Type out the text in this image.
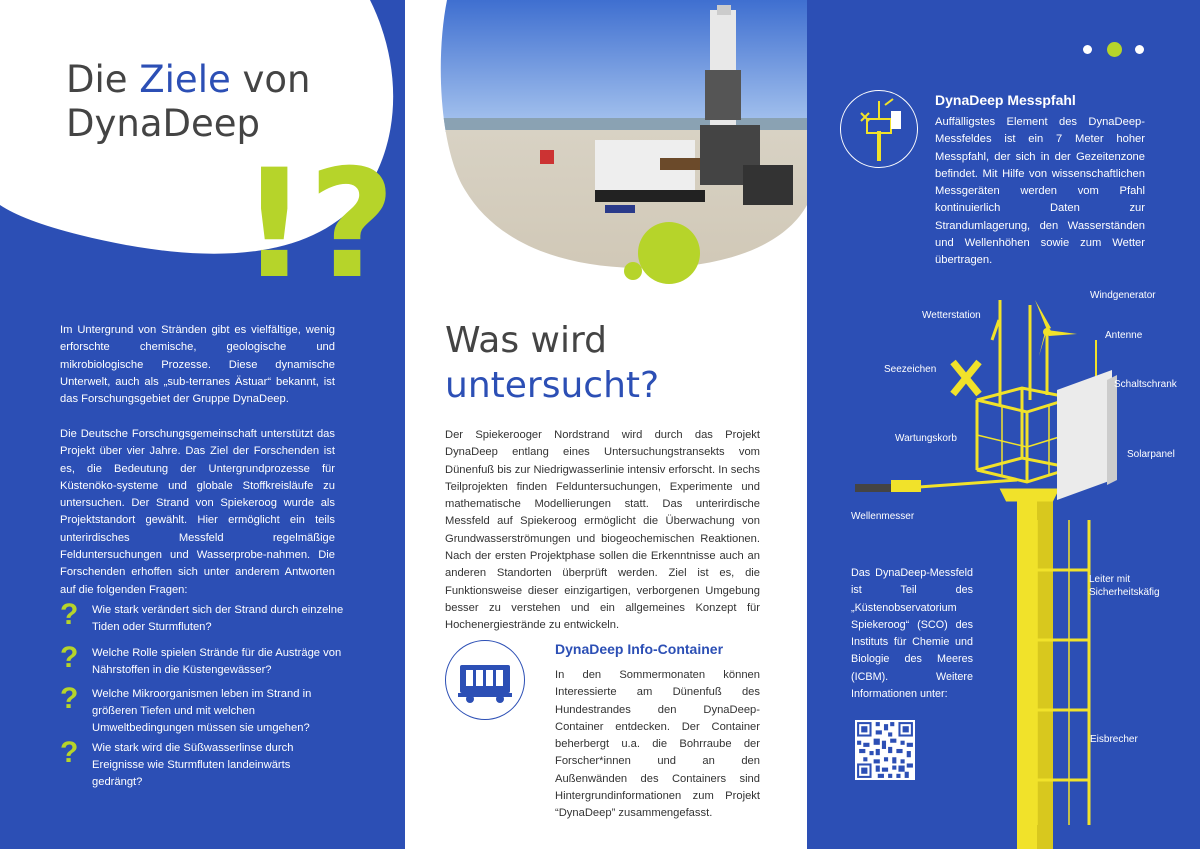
Die Ziele von
DynaDeep
!?
Im Untergrund von Stränden gibt es vielfältige, wenig erforschte chemische, geologische und mikrobiologische Prozesse. Diese dynamische Unterwelt, auch als „sub-terranes Ästuar“ bekannt, ist das Forschungsgebiet der Gruppe DynaDeep.
Die Deutsche Forschungsgemeinschaft unterstützt das Projekt über vier Jahre. Das Ziel der Forschenden ist es, die Bedeutung der Untergrundprozesse für Küstenöko-systeme und globale Stoffkreisläufe zu untersuchen. Der Strand von Spiekeroog wurde als Projektstandort gewählt. Hier ermöglicht ein teils unterirdisches Messfeld regelmäßige Felduntersuchungen und Wasserprobe-nahmen. Die Forschenden erhoffen sich unter anderem Antworten auf die folgenden Fragen:
? Wie stark verändert sich der Strand durch einzelne Tiden oder Sturmfluten?
? Welche Rolle spielen Strände für die Austräge von Nährstoffen in die Küstengewässer?
? Welche Mikroorganismen leben im Strand in größeren Tiefen und mit welchen Umweltbedingungen müssen sie umgehen?
? Wie stark wird die Süßwasserlinse durch Ereignisse wie Sturmfluten landeinwärts gedrängt?
Was wird
untersucht?
Der Spiekerooger Nordstrand wird durch das Projekt DynaDeep entlang eines Untersuchungstransekts vom Dünenfuß bis zur Niedrigwasserlinie intensiv erforscht. In sechs Teilprojekten finden Felduntersuchungen, Experimente und mathematische Modellierungen statt. Das unterirdische Messfeld auf Spiekeroog ermöglicht die Überwachung von Grundwasserströmungen und biogeochemischen Reaktionen. Nach der ersten Projektphase sollen die Erkenntnisse auch an anderen Standorten überprüft werden. Ziel ist es, die Funktionsweise dieser einzigartigen, verborgenen Umgebung besser zu verstehen und ein allgemeines Konzept für Hochenergiestrände zu entwickeln.
DynaDeep Info-Container
In den Sommermonaten können Interessierte am Dünenfuß des Hundestrandes den DynaDeep-Container entdecken. Der Container beherbergt u.a. die Bohrraube der Forscher*innen und an den Außenwänden des Containers sind Hintergrundinformationen zum Projekt “DynaDeep” zusammengefasst.
DynaDeep Messpfahl
Auffälligstes Element des DynaDeep-Messfeldes ist ein 7 Meter hoher Messpfahl, der sich in der Gezeitenzone befindet. Mit Hilfe von wissenschaftlichen Messgeräten werden vom Pfahl kontinuierlich Daten zur Strandumlagerung, den Wasserständen und Wellenhöhen sowie zum Wetter übertragen.
Windgenerator
Wetterstation
Antenne
Seezeichen
Schaltschrank
Wartungskorb
Solarpanel
Wellenmesser
Leiter mit
Sicherheitskäfig
Eisbrecher
Das DynaDeep-Messfeld ist Teil des „Küstenobservatorium Spiekeroog“ (SCO) des Instituts für Chemie und Biologie des Meeres (ICBM). Weitere Informationen unter:
